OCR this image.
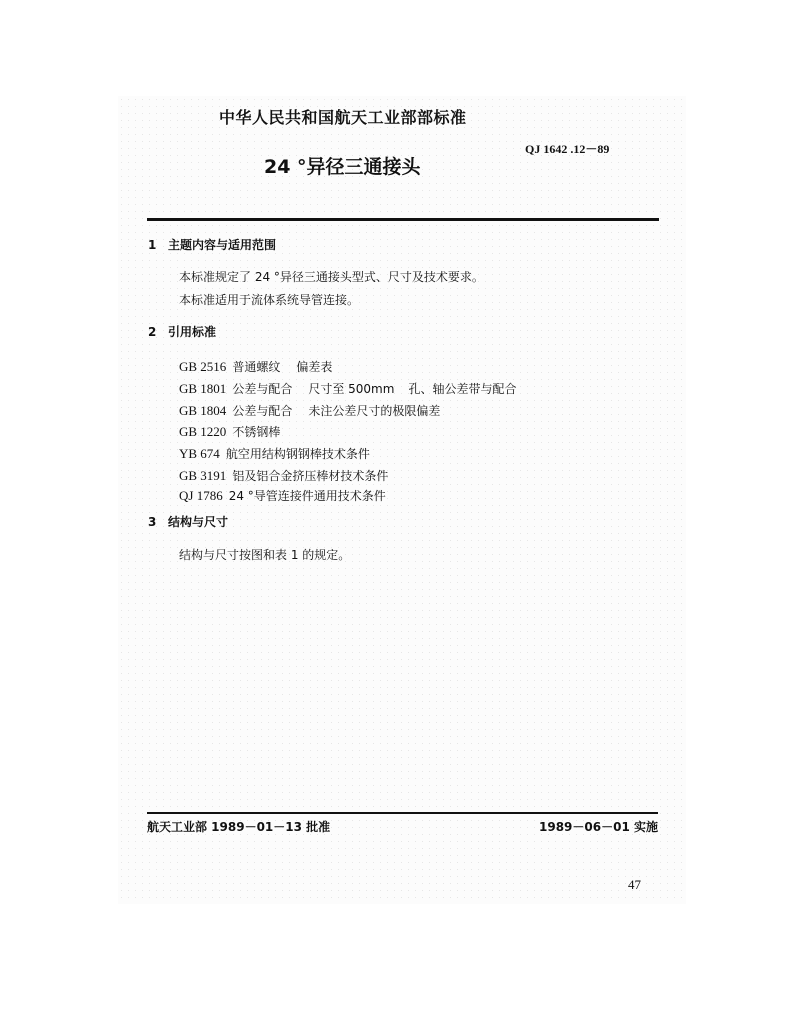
中华人民共和国航天工业部部标准
QJ 1642 .12－89
24 °异径三通接头
1 主题内容与适用范围
本标准规定了 24 °异径三通接头型式、尺寸及技术要求。
本标准适用于流体系统导管连接。
2 引用标准
GB 2516 普通螺纹 偏差表
GB 1801 公差与配合 尺寸至 500mm 孔、轴公差带与配合
GB 1804 公差与配合 未注公差尺寸的极限偏差
GB 1220 不锈钢棒
YB 674 航空用结构钢钢棒技术条件
GB 3191 铝及铝合金挤压棒材技术条件
QJ 1786 24 °导管连接件通用技术条件
3 结构与尺寸
结构与尺寸按图和表 1 的规定。
航天工业部 1989－01－13 批准	1989－06－01 实施
47
